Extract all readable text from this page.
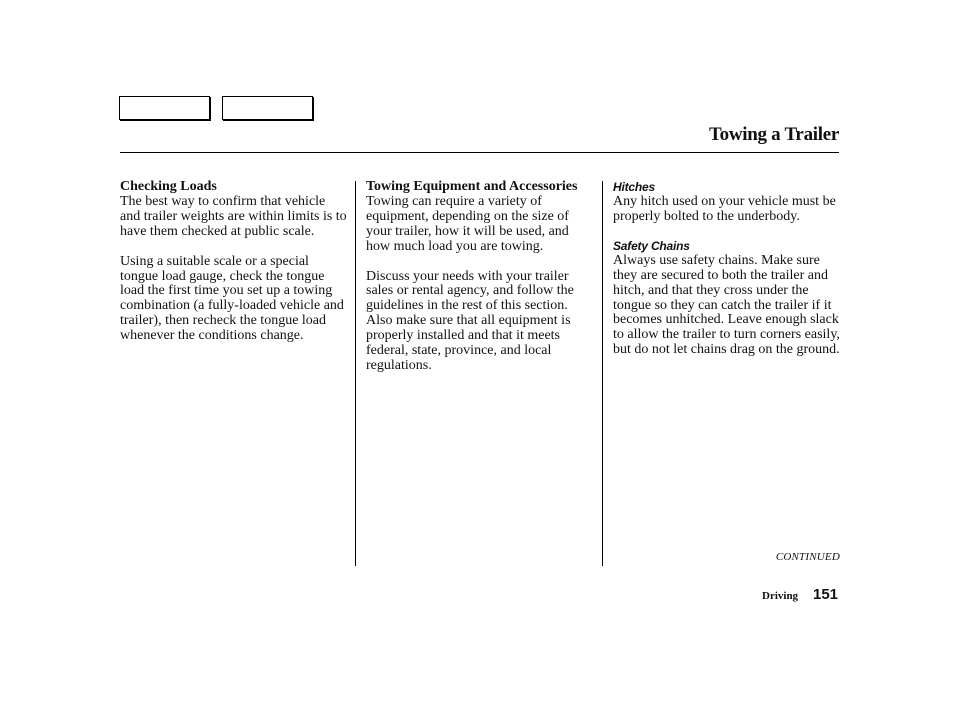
Towing a Trailer
Checking Loads

The best way to confirm that vehicle and trailer weights are within limits is to have them checked at public scale.

Using a suitable scale or a special tongue load gauge, check the tongue load the first time you set up a towing combination (a fully-loaded vehicle and trailer), then recheck the tongue load whenever the conditions change.

Towing Equipment and Accessories

Towing can require a variety of equipment, depending on the size of your trailer, how it will be used, and how much load you are towing.

Discuss your needs with your trailer sales or rental agency, and follow the guidelines in the rest of this section. Also make sure that all equipment is properly installed and that it meets federal, state, province, and local regulations.

Hitches

Any hitch used on your vehicle must be properly bolted to the underbody.

Safety Chains

Always use safety chains. Make sure they are secured to both the trailer and hitch, and that they cross under the tongue so they can catch the trailer if it becomes unhitched. Leave enough slack to allow the trailer to turn corners easily, but do not let chains drag on the ground.

CONTINUED
Driving 151
